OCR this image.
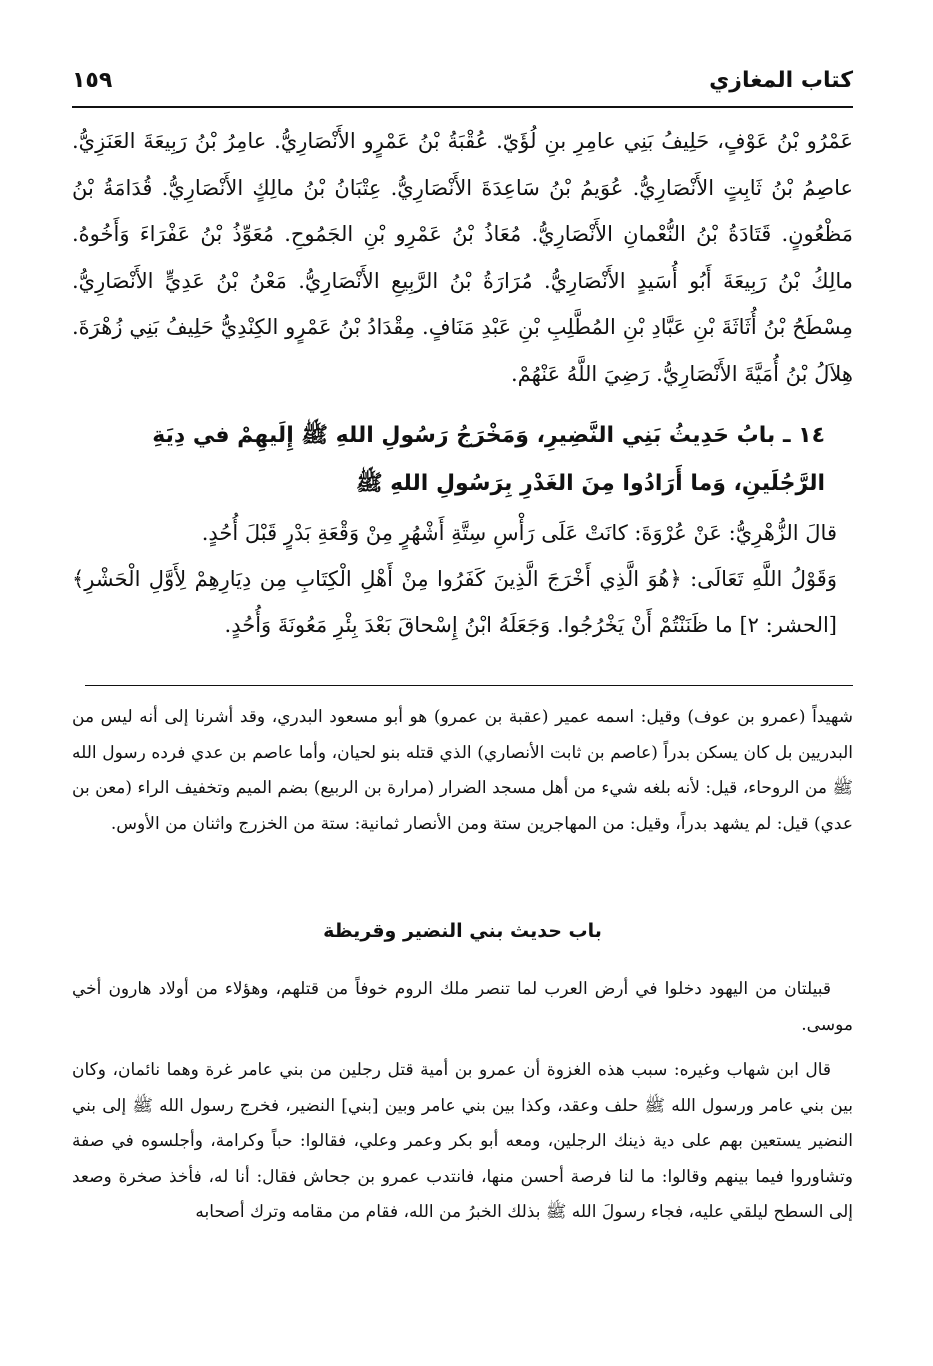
كتاب المغازي
١٥٩

عَمْرُو بْنُ عَوْفٍ، حَلِيفُ بَنِي عامِرِ بنِ لُؤَيّ. عُقْبَةُ بْنُ عَمْرٍو الأَنْصَارِيُّ. عامِرُ بْنُ رَبِيعَةَ العَنَزِيُّ. عاصِمُ بْنُ ثَابِتٍ الأَنْصَارِيُّ. عُوَيمُ بْنُ سَاعِدَةَ الأَنْصَارِيُّ. عِتْبَانُ بْنُ مالِكٍ الأَنْصَارِيُّ. قُدَامَةُ بْنُ مَظْعُونٍ. قَتَادَةُ بْنُ النُّعْمانِ الأَنْصَارِيُّ. مُعَاذُ بْنُ عَمْرِو بْنِ الجَمُوحِ. مُعَوِّذُ بْنُ عَفْرَاءَ وَأَخُوهُ. مالِكُ بْنُ رَبِيعَةَ أَبُو أُسَيدٍ الأَنْصَارِيُّ. مُرَارَةُ بْنُ الرَّبِيعِ الأَنْصَارِيُّ. مَعْنُ بْنُ عَدِيٍّ الأَنْصَارِيُّ. مِسْطَحُ بْنُ أُثَاثَةَ بْنِ عَبَّادِ بْنِ المُطَّلِبِ بْنِ عَبْدِ مَنَافٍ. مِقْدَادُ بْنُ عَمْرٍو الكِنْدِيُّ حَلِيفُ بَنِي زُهْرَةَ. هِلاَلُ بْنُ أُمَيَّةَ الأَنْصَارِيُّ. رَضِيَ اللَّهُ عَنْهُمْ.

١٤ ـ بابُ حَدِيثُ بَنِي النَّضِيرِ، وَمَخْرَجُ رَسُولِ اللهِ ﷺ إِلَيهِمْ في دِيَةِ الرَّجُلَينِ، وَما أَرَادُوا مِنَ الغَدْرِ بِرَسُولِ اللهِ ﷺ

قالَ الزُّهْرِيُّ: عَنْ عُرْوَةَ: كانَتْ عَلَى رَأْسِ سِتَّةِ أَشْهُرٍ مِنْ وَقْعَةِ بَدْرٍ قَبْلَ أُحُدٍ.

وَقَوْلُ اللَّهِ تَعَالَى: ﴿هُوَ الَّذِي أَخْرَجَ الَّذِينَ كَفَرُوا مِنْ أَهْلِ الْكِتَابِ مِن دِيَارِهِمْ لِأَوَّلِ الْحَشْرِ﴾ [الحشر: ٢] ما ظَنَنْتُمْ أَنْ يَخْرُجُوا. وَجَعَلَهُ ابْنُ إِسْحاقَ بَعْدَ بِئْرِ مَعُونَةَ وَأُحُدٍ.

شهيداً (عمرو بن عوف) وقيل: اسمه عمير (عقبة بن عمرو) هو أبو مسعود البدري، وقد أشرنا إلى أنه ليس من البدريين بل كان يسكن بدراً (عاصم بن ثابت الأنصاري) الذي قتله بنو لحيان، وأما عاصم بن عدي فرده رسول الله ﷺ من الروحاء، قيل: لأنه بلغه شيء من أهل مسجد الضرار (مرارة بن الربيع) بضم الميم وتخفيف الراء (معن بن عدي) قيل: لم يشهد بدراً، وقيل: من المهاجرين ستة ومن الأنصار ثمانية: ستة من الخزرج واثنان من الأوس.

باب حديث بني النضير وقريظة

قبيلتان من اليهود دخلوا في أرض العرب لما تنصر ملك الروم خوفاً من قتلهم، وهؤلاء من أولاد هارون أخي موسى.

قال ابن شهاب وغيره: سبب هذه الغزوة أن عمرو بن أمية قتل رجلين من بني عامر غرة وهما نائمان، وكان بين بني عامر ورسول الله ﷺ حلف وعقد، وكذا بين بني عامر وبين [بني] النضير، فخرج رسول الله ﷺ إلى بني النضير يستعين بهم على دية ذينك الرجلين، ومعه أبو بكر وعمر وعلي، فقالوا: حباً وكرامة، وأجلسوه في صفة وتشاوروا فيما بينهم وقالوا: ما لنا فرصة أحسن منها، فانتدب عمرو بن جحاش فقال: أنا له، فأخذ صخرة وصعد إلى السطح ليلقي عليه، فجاء رسولَ الله ﷺ بذلك الخبرُ من الله، فقام من مقامه وترك أصحابه
